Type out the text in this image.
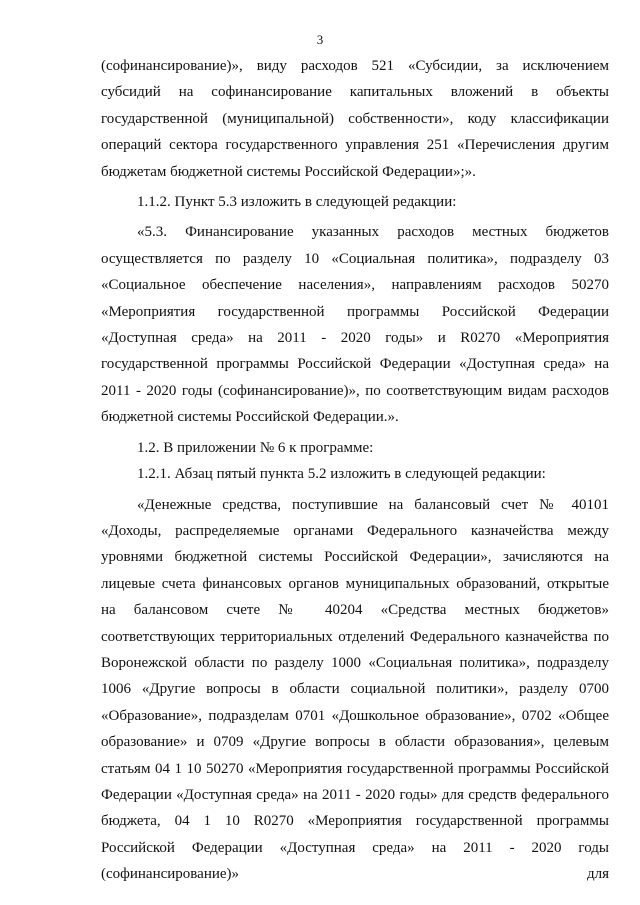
3

(софинансирование)», виду расходов 521 «Субсидии, за исключением субсидий на софинансирование капитальных вложений в объекты государственной (муниципальной) собственности», коду классификации операций сектора государственного управления 251 «Перечисления другим бюджетам бюджетной системы Российской Федерации»;».

1.1.2. Пункт 5.3 изложить в следующей редакции:

«5.3. Финансирование указанных расходов местных бюджетов осуществляется по разделу 10 «Социальная политика», подразделу 03 «Социальное обеспечение населения», направлениям расходов 50270 «Мероприятия государственной программы Российской Федерации «Доступная среда» на 2011 - 2020 годы» и R0270 «Мероприятия государственной программы Российской Федерации «Доступная среда» на 2011 - 2020 годы (софинансирование)», по соответствующим видам расходов бюджетной системы Российской Федерации.».

1.2. В приложении № 6 к программе:

1.2.1. Абзац пятый пункта 5.2 изложить в следующей редакции:

«Денежные средства, поступившие на балансовый счет № 40101 «Доходы, распределяемые органами Федерального казначейства между уровнями бюджетной системы Российской Федерации», зачисляются на лицевые счета финансовых органов муниципальных образований, открытые на балансовом счете № 40204 «Средства местных бюджетов» соответствующих территориальных отделений Федерального казначейства по Воронежской области по разделу 1000 «Социальная политика», подразделу 1006 «Другие вопросы в области социальной политики», разделу 0700 «Образование», подразделам 0701 «Дошкольное образование», 0702 «Общее образование» и 0709 «Другие вопросы в области образования», целевым статьям 04 1 10 50270 «Мероприятия государственной программы Российской Федерации «Доступная среда» на 2011 - 2020 годы» для средств федерального бюджета, 04 1 10 R0270 «Мероприятия государственной программы Российской Федерации «Доступная среда» на 2011 - 2020 годы (софинансирование)» для
